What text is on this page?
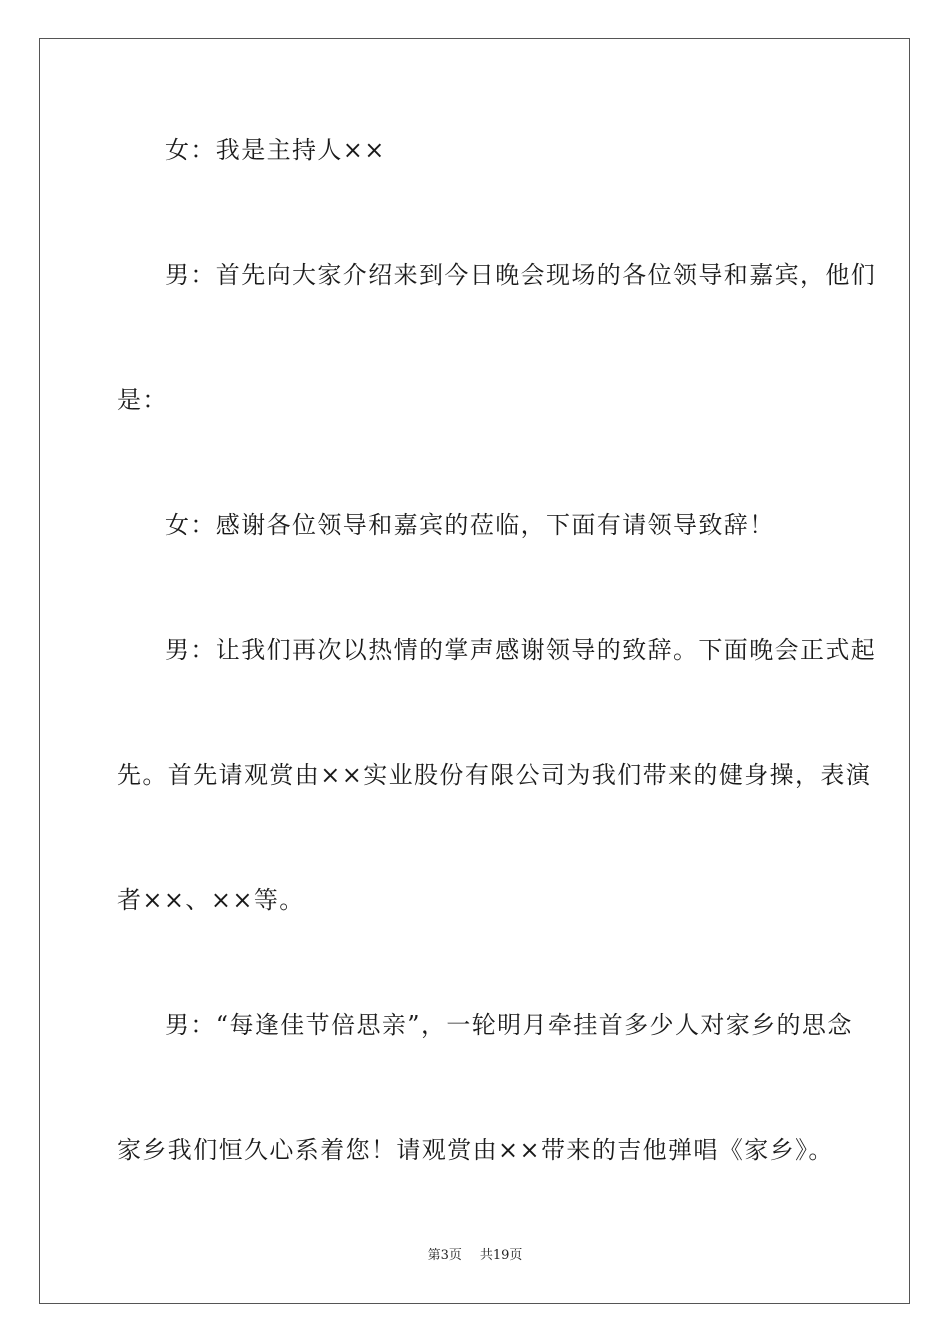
女：我是主持人××
男：首先向大家介绍来到今日晚会现场的各位领导和嘉宾，他们
是：
女：感谢各位领导和嘉宾的莅临，下面有请领导致辞！
男：让我们再次以热情的掌声感谢领导的致辞。下面晚会正式起
先。首先请观赏由××实业股份有限公司为我们带来的健身操，表演
者××、××等。
男：“每逢佳节倍思亲”，一轮明月牵挂首多少人对家乡的思念
家乡我们恒久心系着您！请观赏由××带来的吉他弹唱《家乡》。
第3页 共19页
